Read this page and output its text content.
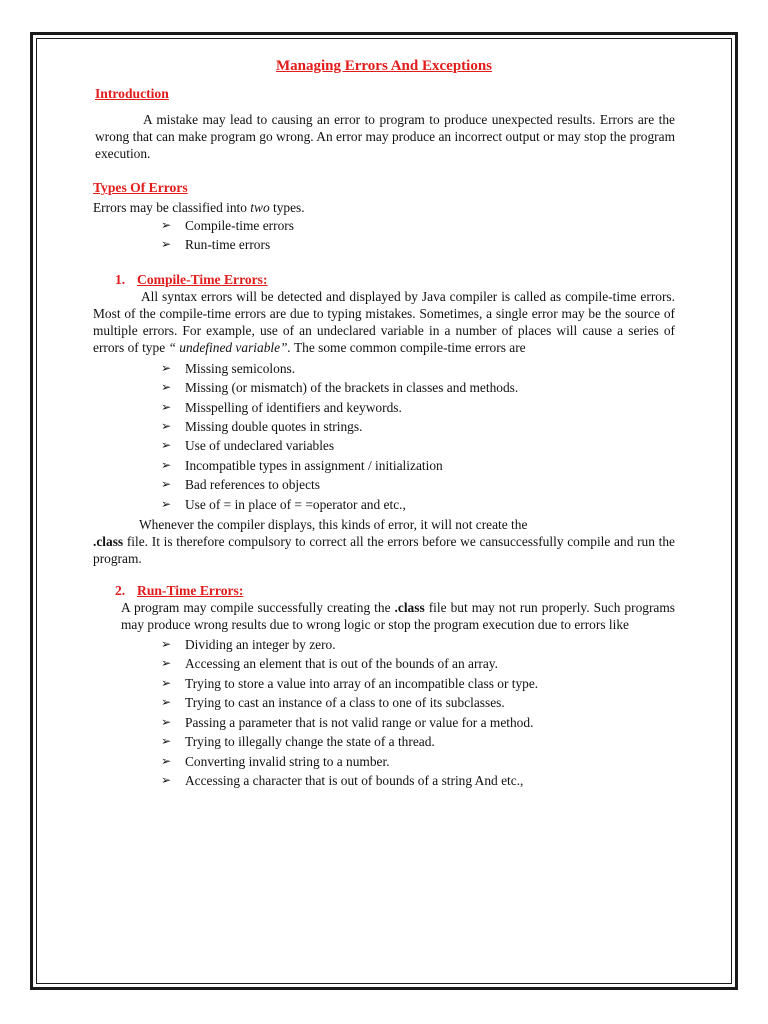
Managing Errors And Exceptions
Introduction

A mistake may lead to causing an error to program to produce unexpected results. Errors are the wrong that can make program go wrong. An error may produce an incorrect output or may stop the program execution.

Types Of Errors

Errors may be classified into two types.

➢ Compile-time errors
➢ Run-time errors
1. Compile-Time Errors:

All syntax errors will be detected and displayed by Java compiler is called as compile-time errors. Most of the compile-time errors are due to typing mistakes. Sometimes, a single error may be the source of multiple errors. For example, use of an undeclared variable in a number of places will cause a series of errors of type “ undefined variable”. The some common compile-time errors are

➢ Missing semicolons.
➢ Missing (or mismatch) of the brackets in classes and methods.
➢ Misspelling of identifiers and keywords.
➢ Missing double quotes in strings.
➢ Use of undeclared variables
➢ Incompatible types in assignment / initialization
➢ Bad references to objects
➢ Use of = in place of = =operator and etc.,

Whenever the compiler displays, this kinds of error, it will not create the

.class file. It is therefore compulsory to correct all the errors before we cansuccessfully compile and run the program.

2. Run-Time Errors:

A program may compile successfully creating the .class file but may not run properly. Such programs may produce wrong results due to wrong logic or stop the program execution due to errors like

➢ Dividing an integer by zero.
➢ Accessing an element that is out of the bounds of an array.
➢ Trying to store a value into array of an incompatible class or type.
➢ Trying to cast an instance of a class to one of its subclasses.
➢ Passing a parameter that is not valid range or value for a method.
➢ Trying to illegally change the state of a thread.
➢ Converting invalid string to a number.
➢ Accessing a character that is out of bounds of a string And etc.,
